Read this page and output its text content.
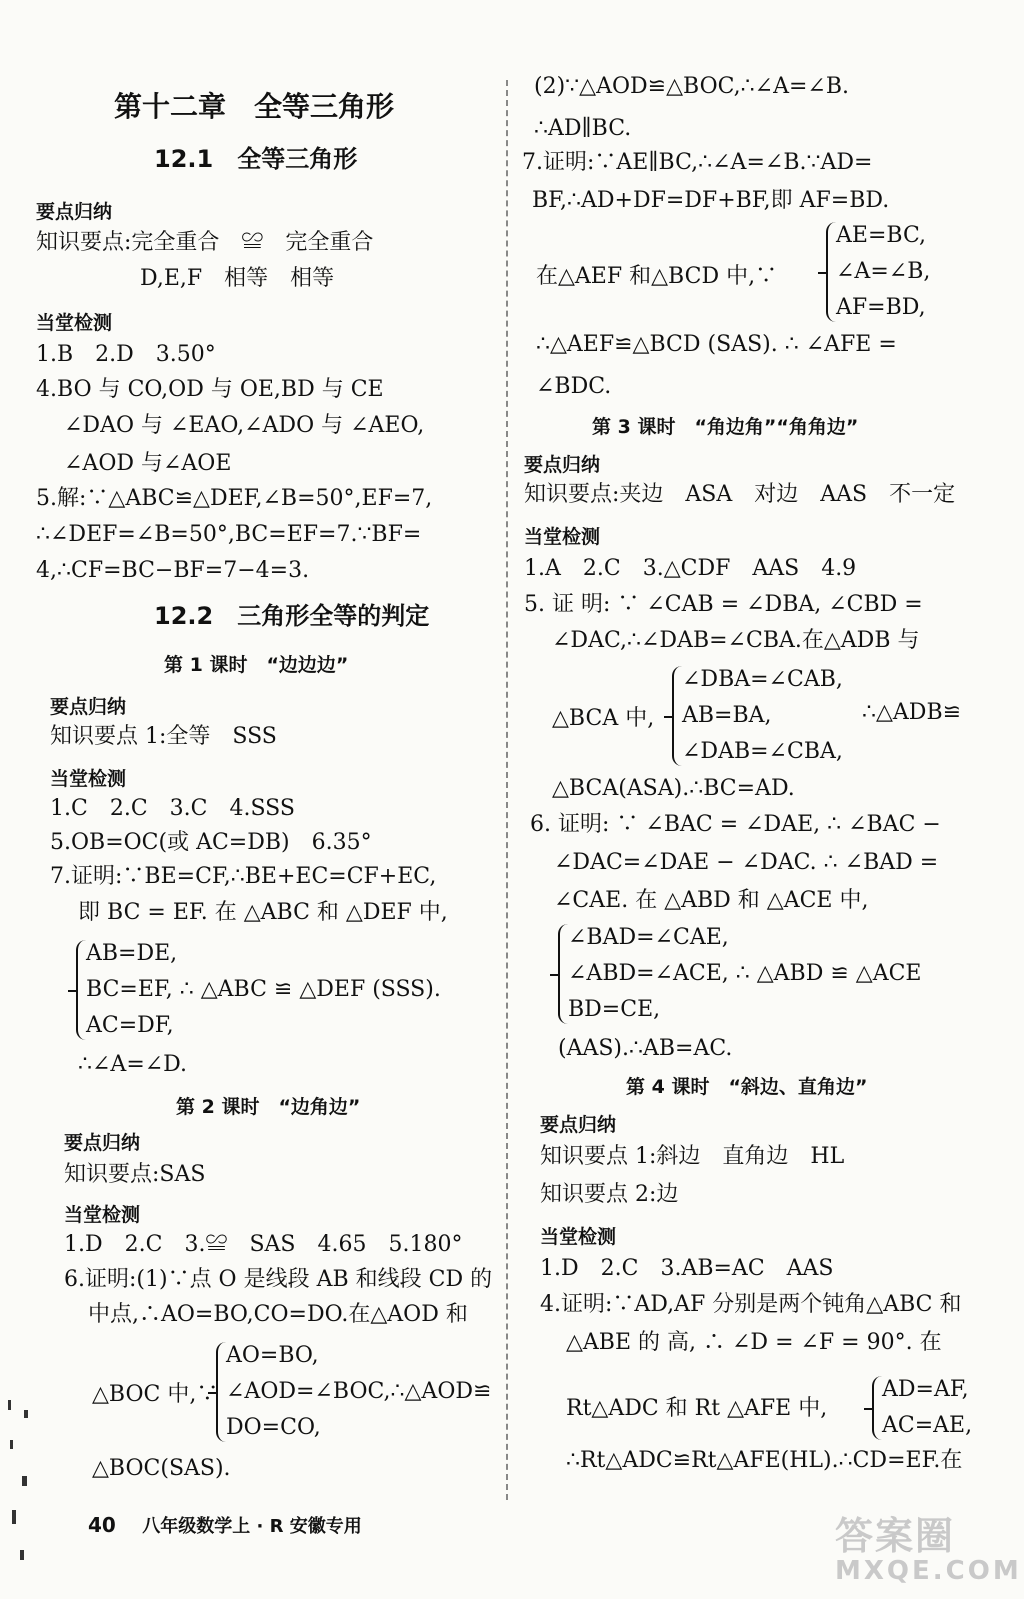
第十二章　全等三角形
12.1　全等三角形
要点归纳
知识要点:完全重合　≌　完全重合
D,E,F　相等　相等
当堂检测
1.B　2.D　3.50°
4.BO 与 CO,OD 与 OE,BD 与 CE
∠DAO 与 ∠EAO,∠ADO 与 ∠AEO,
∠AOD 与∠AOE
5.解:∵△ABC≌△DEF,∠B=50°,EF=7,
∴∠DEF=∠B=50°,BC=EF=7.∵BF=
4,∴CF=BC−BF=7−4=3.
12.2　三角形全等的判定
第 1 课时　“边边边”
要点归纳
知识要点 1:全等　SSS
当堂检测
1.C　2.C　3.C　4.SSS
5.OB=OC(或 AC=DB)　6.35°
7.证明:∵BE=CF,∴BE+EC=CF+EC,
即 BC = EF. 在 △ABC 和 △DEF 中,
AB=DE,
BC=EF, ∴ △ABC ≌ △DEF (SSS).
AC=DF,
∴∠A=∠D.
第 2 课时　“边角边”
要点归纳
知识要点:SAS
当堂检测
1.D　2.C　3.≌　SAS　4.65　5.180°
6.证明:(1)∵点 O 是线段 AB 和线段 CD 的
中点,∴AO=BO,CO=DO.在△AOD 和
△BOC 中,∵
AO=BO,
∠AOD=∠BOC,∴△AOD≌
DO=CO,
△BOC(SAS).
(2)∵△AOD≌△BOC,∴∠A=∠B.
∴AD∥BC.
7.证明:∵AE∥BC,∴∠A=∠B.∵AD=
BF,∴AD+DF=DF+BF,即 AF=BD.
在△AEF 和△BCD 中,∵
AE=BC,
∠A=∠B,
AF=BD,
∴△AEF≌△BCD (SAS). ∴ ∠AFE =
∠BDC.
第 3 课时　“角边角”“角角边”
要点归纳
知识要点:夹边　ASA　对边　AAS　不一定
当堂检测
1.A　2.C　3.△CDF　AAS　4.9
5. 证 明: ∵ ∠CAB = ∠DBA, ∠CBD =
∠DAC,∴∠DAB=∠CBA.在△ADB 与
△BCA 中,
∠DBA=∠CAB,
AB=BA,
∠DAB=∠CBA,
∴△ADB≌
△BCA(ASA).∴BC=AD.
6. 证明: ∵ ∠BAC = ∠DAE, ∴ ∠BAC −
∠DAC=∠DAE − ∠DAC. ∴ ∠BAD =
∠CAE. 在 △ABD 和 △ACE 中,
∠BAD=∠CAE,
∠ABD=∠ACE, ∴ △ABD ≌ △ACE
BD=CE,
(AAS).∴AB=AC.
第 4 课时　“斜边、直角边”
要点归纳
知识要点 1:斜边　直角边　HL
知识要点 2:边
当堂检测
1.D　2.C　3.AB=AC　AAS
4.证明:∵AD,AF 分别是两个钝角△ABC 和
△ABE 的 高, ∴ ∠D = ∠F = 90°. 在
Rt△ADC 和 Rt △AFE 中,
AD=AF,
AC=AE,
∴Rt△ADC≌Rt△AFE(HL).∴CD=EF.在
40 八年级数学上 · R 安徽专用	答案圈
MXQE.COM
